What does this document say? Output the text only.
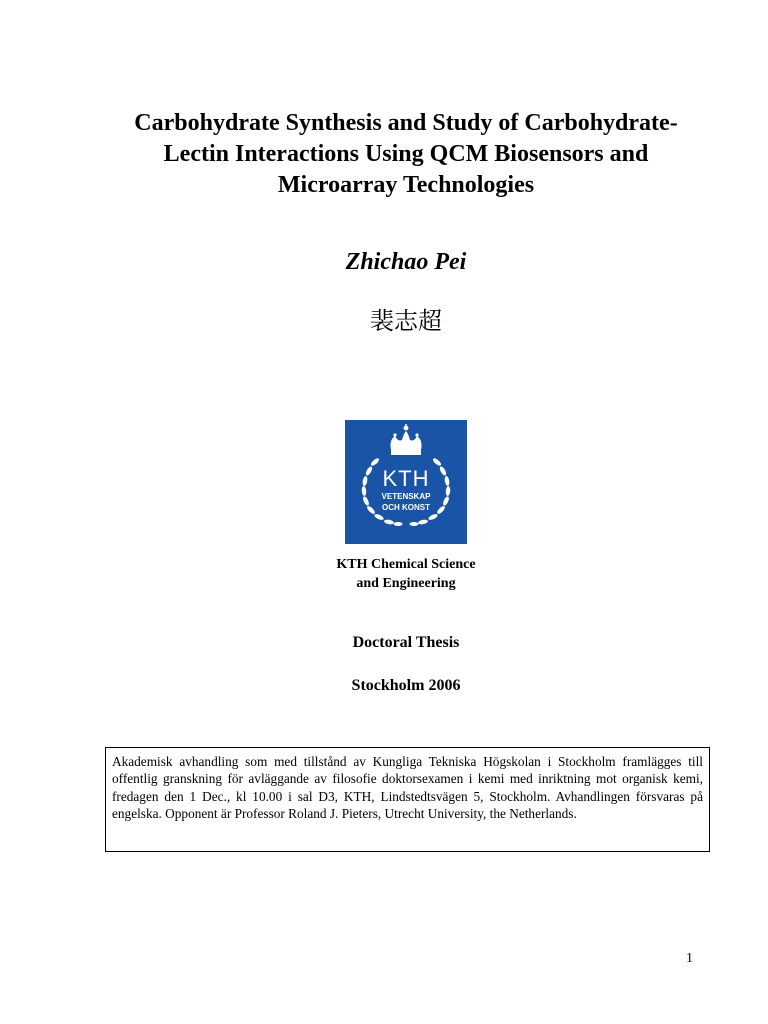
Carbohydrate Synthesis and Study of Carbohydrate-
Lectin Interactions Using QCM Biosensors and
Microarray Technologies
Zhichao Pei
裴志超
KTH
VETENSKAP
OCH KONST
KTH Chemical Science
and Engineering
Doctoral Thesis
Stockholm 2006
Akademisk avhandling som med tillstånd av Kungliga Tekniska Högskolan i Stockholm framlägges till offentlig granskning för avläggande av filosofie doktorsexamen i kemi med inriktning mot organisk kemi, fredagen den 1 Dec., kl 10.00 i sal D3, KTH, Lindstedtsvägen 5, Stockholm. Avhandlingen försvaras på engelska. Opponent är Professor Roland J. Pieters, Utrecht University, the Netherlands.
1
